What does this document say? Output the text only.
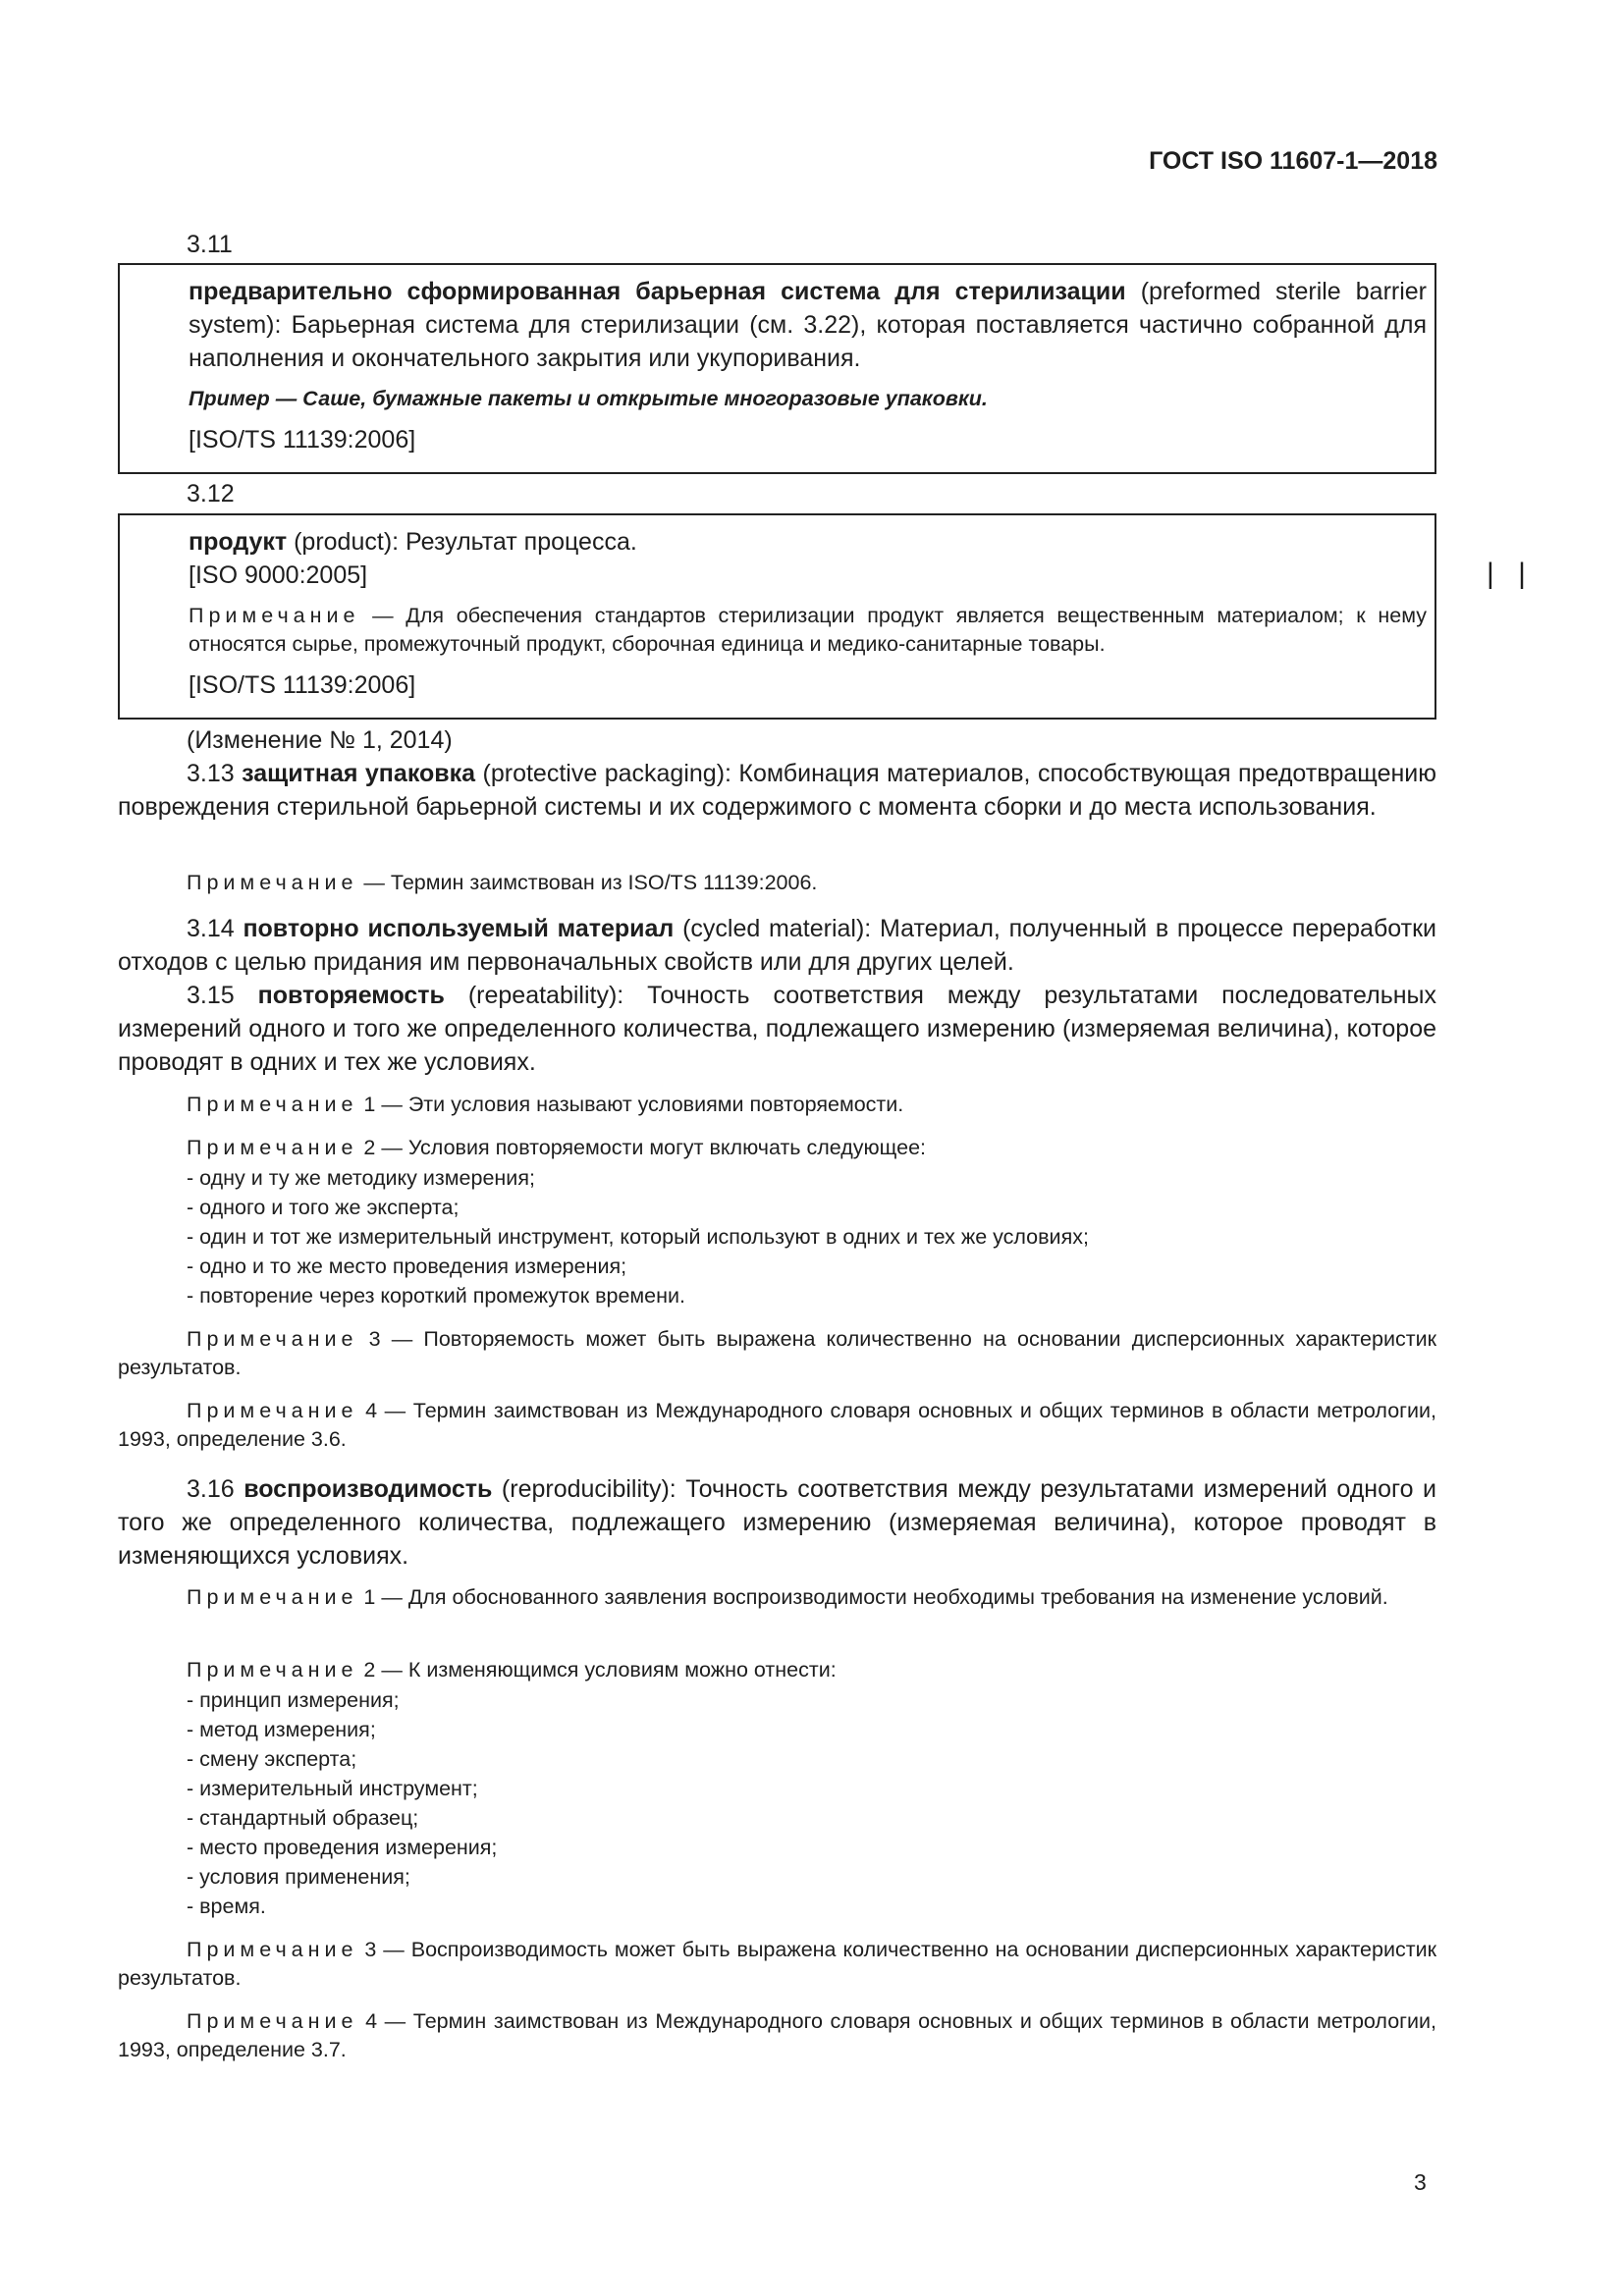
ГОСТ ISO 11607-1—2018
3.11

предварительно сформированная барьерная система для стерилизации (preformed sterile barrier system): Барьерная система для стерилизации (см. 3.22), которая поставляется частично собранной для наполнения и окончательного закрытия или укупоривания.

Пример — Саше, бумажные пакеты и открытые многоразовые упаковки.

[ISO/TS 11139:2006]

3.12

продукт (product): Результат процесса.

[ISO 9000:2005]

Примечание — Для обеспечения стандартов стерилизации продукт является вещественным материалом; к нему относятся сырье, промежуточный продукт, сборочная единица и медико-санитарные товары.

[ISO/TS 11139:2006]

| |
(Изменение № 1, 2014)

3.13 защитная упаковка (protective packaging): Комбинация материалов, способствующая предотвращению повреждения стерильной барьерной системы и их содержимого с момента сборки и до места использования.

Примечание — Термин заимствован из ISO/TS 11139:2006.

3.14 повторно используемый материал (cycled material): Материал, полученный в процессе переработки отходов с целью придания им первоначальных свойств или для других целей.

3.15 повторяемость (repeatability): Точность соответствия между результатами последовательных измерений одного и того же определенного количества, подлежащего измерению (измеряемая величина), которое проводят в одних и тех же условиях.

Примечание 1 — Эти условия называют условиями повторяемости.

Примечание 2 — Условия повторяемости могут включать следующее:

- одну и ту же методику измерения;
- одного и того же эксперта;
- один и тот же измерительный инструмент, который используют в одних и тех же условиях;
- одно и то же место проведения измерения;
- повторение через короткий промежуток времени.

Примечание 3 — Повторяемость может быть выражена количественно на основании дисперсионных характеристик результатов.

Примечание 4 — Термин заимствован из Международного словаря основных и общих терминов в области метрологии, 1993, определение 3.6.

3.16 воспроизводимость (reproducibility): Точность соответствия между результатами измерений одного и того же определенного количества, подлежащего измерению (измеряемая величина), которое проводят в изменяющихся условиях.

Примечание 1 — Для обоснованного заявления воспроизводимости необходимы требования на изменение условий.

Примечание 2 — К изменяющимся условиям можно отнести:

- принцип измерения;
- метод измерения;
- смену эксперта;
- измерительный инструмент;
- стандартный образец;
- место проведения измерения;
- условия применения;
- время.

Примечание 3 — Воспроизводимость может быть выражена количественно на основании дисперсионных характеристик результатов.

Примечание 4 — Термин заимствован из Международного словаря основных и общих терминов в области метрологии, 1993, определение 3.7.

3
